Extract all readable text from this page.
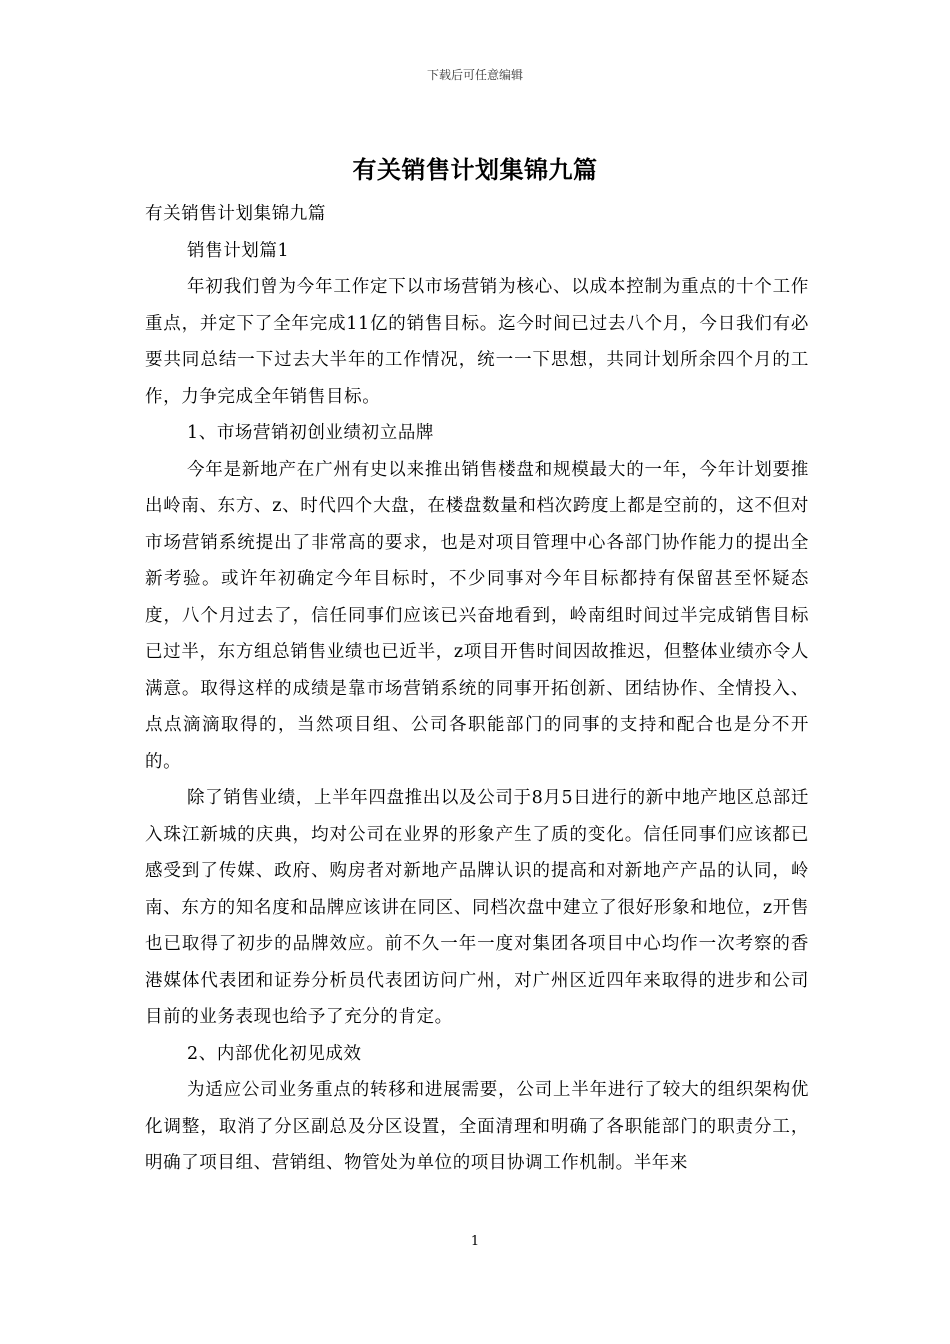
下载后可任意编辑
有关销售计划集锦九篇

有关销售计划集锦九篇

销售计划篇1

年初我们曾为今年工作定下以市场营销为核心、以成本控制为重点的十个工作重点，并定下了全年完成11亿的销售目标。迄今时间已过去八个月，今日我们有必要共同总结一下过去大半年的工作情况，统一一下思想，共同计划所余四个月的工作，力争完成全年销售目标。

1、市场营销初创业绩初立品牌

今年是新地产在广州有史以来推出销售楼盘和规模最大的一年，今年计划要推出岭南、东方、z、时代四个大盘，在楼盘数量和档次跨度上都是空前的，这不但对市场营销系统提出了非常高的要求，也是对项目管理中心各部门协作能力的提出全新考验。或许年初确定今年目标时，不少同事对今年目标都持有保留甚至怀疑态度，八个月过去了，信任同事们应该已兴奋地看到，岭南组时间过半完成销售目标已过半，东方组总销售业绩也已近半，z项目开售时间因故推迟，但整体业绩亦令人满意。取得这样的成绩是靠市场营销系统的同事开拓创新、团结协作、全情投入、点点滴滴取得的，当然项目组、公司各职能部门的同事的支持和配合也是分不开的。

除了销售业绩，上半年四盘推出以及公司于8月5日进行的新中地产地区总部迁入珠江新城的庆典，均对公司在业界的形象产生了质的变化。信任同事们应该都已感受到了传媒、政府、购房者对新地产品牌认识的提高和对新地产产品的认同，岭南、东方的知名度和品牌应该讲在同区、同档次盘中建立了很好形象和地位，z开售也已取得了初步的品牌效应。前不久一年一度对集团各项目中心均作一次考察的香港媒体代表团和证券分析员代表团访问广州，对广州区近四年来取得的进步和公司目前的业务表现也给予了充分的肯定。

2、内部优化初见成效

为适应公司业务重点的转移和进展需要，公司上半年进行了较大的组织架构优化调整，取消了分区副总及分区设置，全面清理和明确了各职能部门的职责分工，明确了项目组、营销组、物管处为单位的项目协调工作机制。半年来

1
